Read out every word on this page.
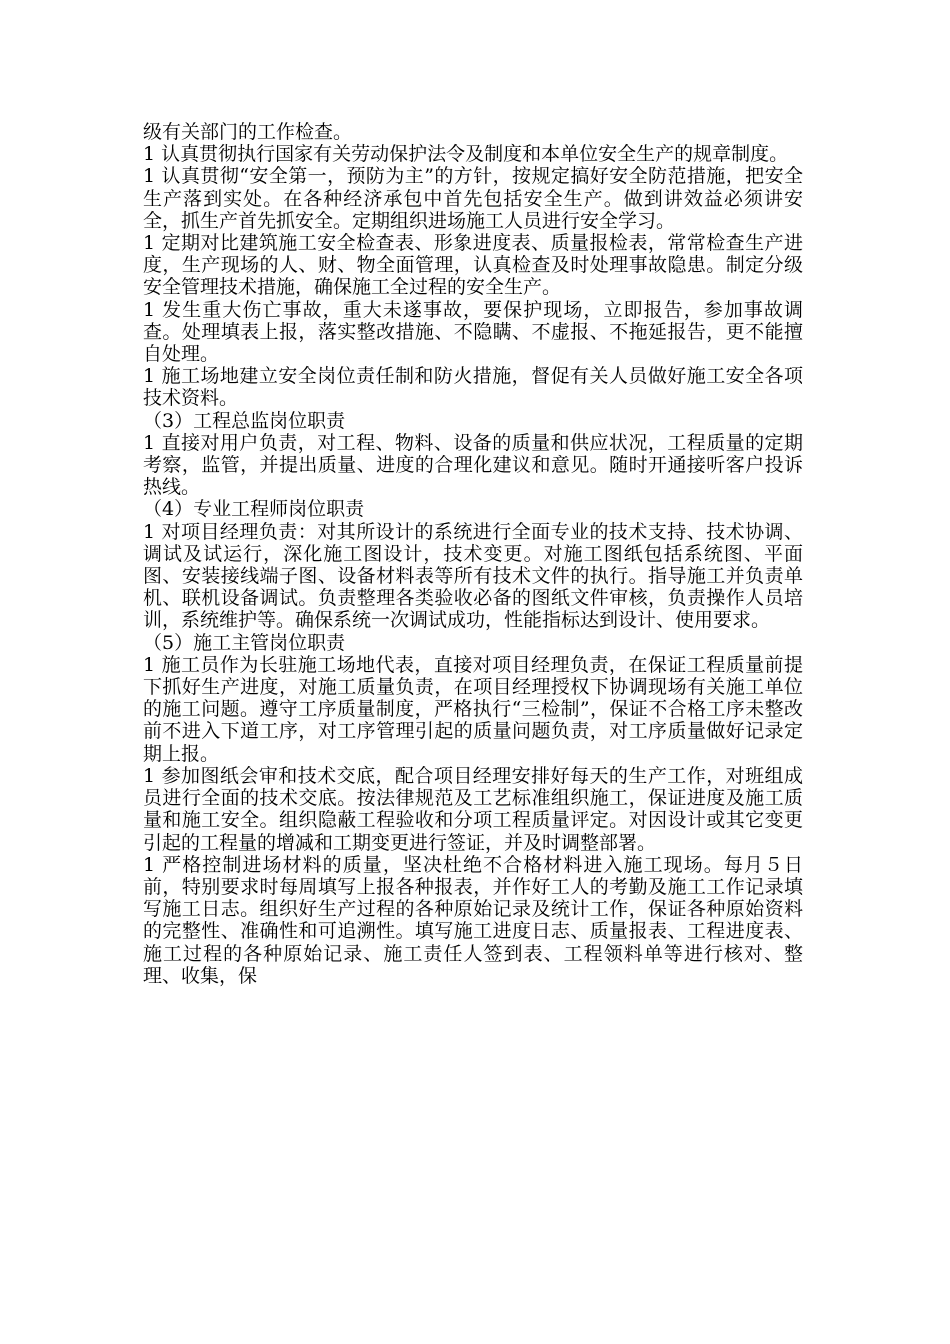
级有关部门的工作检查。

1 认真贯彻执行国家有关劳动保护法令及制度和本单位安全生产的规章制度。

1 认真贯彻“安全第一，预防为主”的方针，按规定搞好安全防范措施，把安全生产落到实处。在各种经济承包中首先包括安全生产。做到讲效益必须讲安全，抓生产首先抓安全。定期组织进场施工人员进行安全学习。

1 定期对比建筑施工安全检查表、形象进度表、质量报检表，常常检查生产进度，生产现场的人、财、物全面管理，认真检查及时处理事故隐患。制定分级安全管理技术措施，确保施工全过程的安全生产。

1 发生重大伤亡事故，重大未遂事故，要保护现场，立即报告，参加事故调查。处理填表上报，落实整改措施、不隐瞒、不虚报、不拖延报告，更不能擅自处理。

1 施工场地建立安全岗位责任制和防火措施，督促有关人员做好施工安全各项技术资料。

（3）工程总监岗位职责

1 直接对用户负责，对工程、物料、设备的质量和供应状况，工程质量的定期考察，监管，并提出质量、进度的合理化建议和意见。随时开通接听客户投诉热线。

（4）专业工程师岗位职责

1 对项目经理负责：对其所设计的系统进行全面专业的技术支持、技术协调、调试及试运行，深化施工图设计，技术变更。对施工图纸包括系统图、平面图、安装接线端子图、设备材料表等所有技术文件的执行。指导施工并负责单机、联机设备调试。负责整理各类验收必备的图纸文件审核，负责操作人员培训，系统维护等。确保系统一次调试成功，性能指标达到设计、使用要求。

（5）施工主管岗位职责

1 施工员作为长驻施工场地代表，直接对项目经理负责，在保证工程质量前提下抓好生产进度，对施工质量负责，在项目经理授权下协调现场有关施工单位的施工问题。遵守工序质量制度，严格执行“三检制”，保证不合格工序未整改前不进入下道工序，对工序管理引起的质量问题负责，对工序质量做好记录定期上报。

1 参加图纸会审和技术交底，配合项目经理安排好每天的生产工作，对班组成员进行全面的技术交底。按法律规范及工艺标准组织施工，保证进度及施工质量和施工安全。组织隐蔽工程验收和分项工程质量评定。对因设计或其它变更引起的工程量的增减和工期变更进行签证，并及时调整部署。

1 严格控制进场材料的质量，坚决杜绝不合格材料进入施工现场。每月５日前，特别要求时每周填写上报各种报表，并作好工人的考勤及施工工作记录填写施工日志。组织好生产过程的各种原始记录及统计工作，保证各种原始资料的完整性、准确性和可追溯性。填写施工进度日志、质量报表、工程进度表、施工过程的各种原始记录、施工责任人签到表、工程领料单等进行核对、整理、收集，保
